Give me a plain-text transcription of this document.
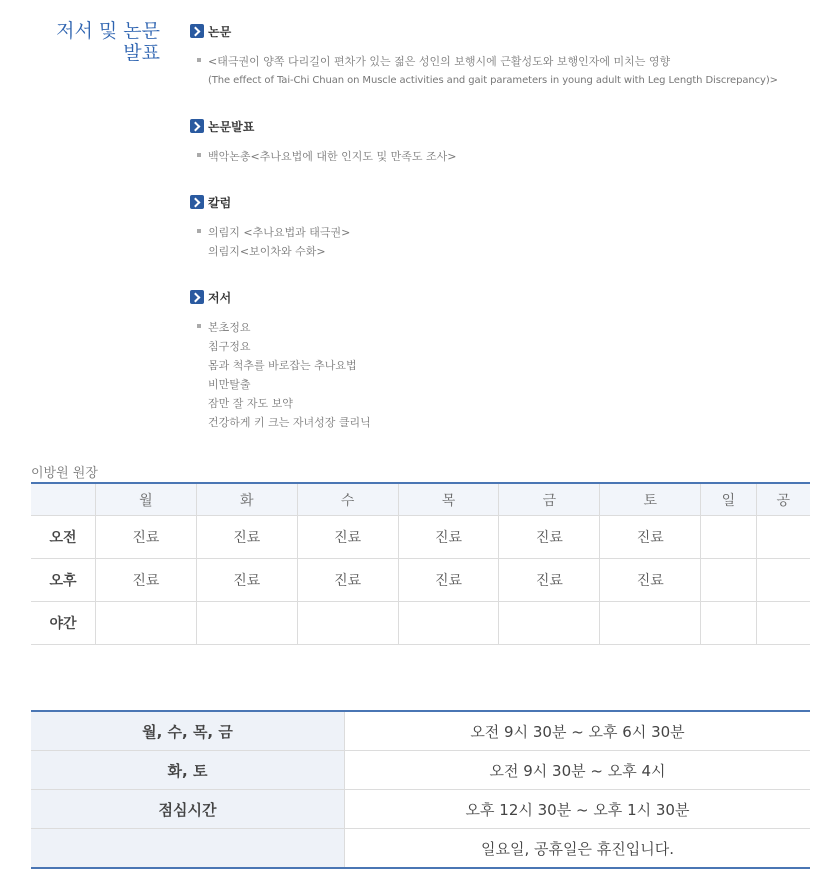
저서 및 논문 발표
논문
<태극권이 양쪽 다리길이 편차가 있는 젊은 성인의 보행시에 근활성도와 보행인자에 미치는 영향
(The effect of Tai-Chi Chuan on Muscle activities and gait parameters in young adult with Leg Length Discrepancy)>
논문발표
백악논총<추나요법에 대한 인지도 및 만족도 조사>
칼럼
의림지 <추나요법과 태극권>
의림지<보이차와 수화>
저서
본초정요
침구정요
몸과 척추를 바로잡는 추나요법
비만탈출
잠만 잘 자도 보약
건강하게 키 크는 자녀성장 클리닉
이방원 원장
	월	화	수	목	금	토	일	공
오전	진료	진료	진료	진료	진료	진료		
오후	진료	진료	진료	진료	진료	진료		
야간								
월, 수, 목, 금	오전 9시 30분 ~ 오후 6시 30분
화, 토	오전 9시 30분 ~ 오후 4시
점심시간	오후 12시 30분 ~ 오후 1시 30분
	일요일, 공휴일은 휴진입니다.
